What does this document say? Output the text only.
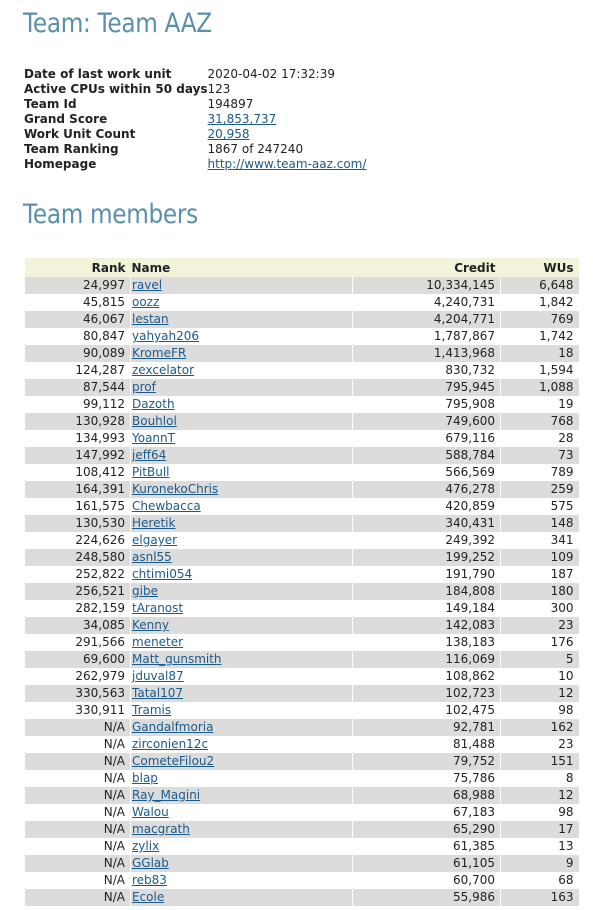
Team: Team AAZ
Date of last work unit	2020-04-02 17:32:39
Active CPUs within 50 days	123
Team Id	194897
Grand Score	31,853,737
Work Unit Count	20,958
Team Ranking	1867 of 247240
Homepage	http://www.team-aaz.com/
Team members
Rank	Name	Credit	WUs
24,997	ravel	10,334,145	6,648
45,815	oozz	4,240,731	1,842
46,067	lestan	4,204,771	769
80,847	yahyah206	1,787,867	1,742
90,089	KromeFR	1,413,968	18
124,287	zexcelator	830,732	1,594
87,544	prof	795,945	1,088
99,112	Dazoth	795,908	19
130,928	Bouhlol	749,600	768
134,993	YoannT	679,116	28
147,992	jeff64	588,784	73
108,412	PitBull	566,569	789
164,391	KuronekoChris	476,278	259
161,575	Chewbacca	420,859	575
130,530	Heretik	340,431	148
224,626	elgayer	249,392	341
248,580	asnl55	199,252	109
252,822	chtimi054	191,790	187
256,521	gibe	184,808	180
282,159	tAranost	149,184	300
34,085	Kenny	142,083	23
291,566	meneter	138,183	176
69,600	Matt_gunsmith	116,069	5
262,979	jduval87	108,862	10
330,563	Tatal107	102,723	12
330,911	Tramis	102,475	98
N/A	Gandalfmoria	92,781	162
N/A	zirconien12c	81,488	23
N/A	CometeFilou2	79,752	151
N/A	blap	75,786	8
N/A	Ray_Magini	68,988	12
N/A	Walou	67,183	98
N/A	macgrath	65,290	17
N/A	zylix	61,385	13
N/A	GGlab	61,105	9
N/A	reb83	60,700	68
N/A	Ecole	55,986	163
